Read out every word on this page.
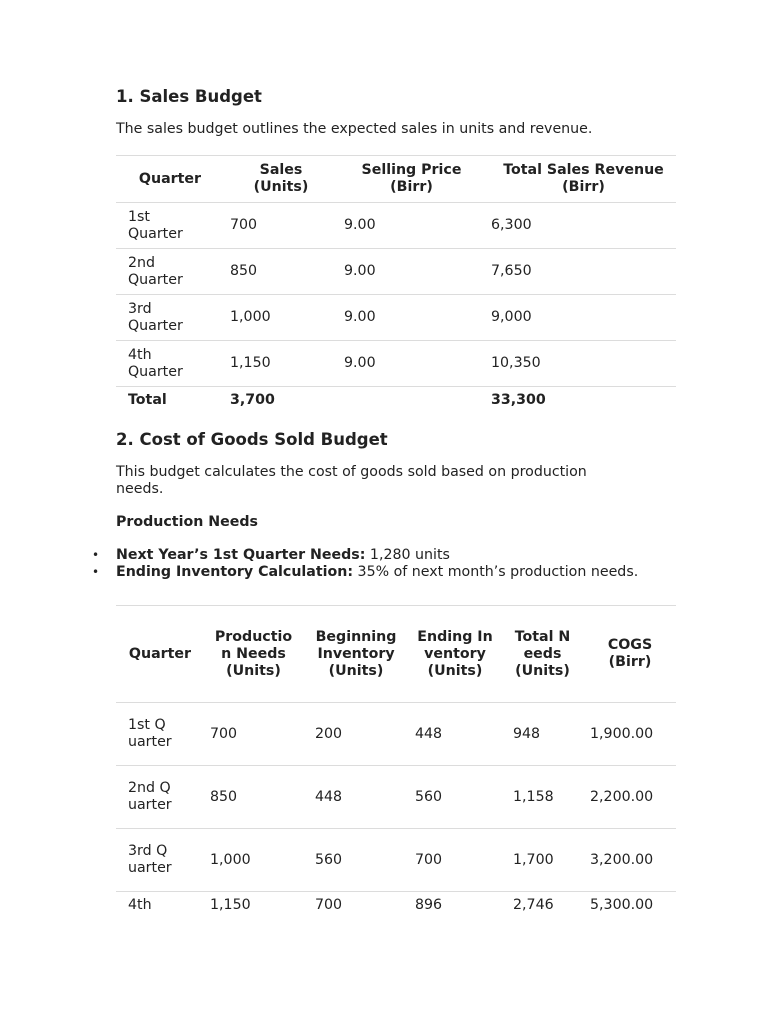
1. Sales Budget

The sales budget outlines the expected sales in units and revenue.

Quarter	Sales (Units)	Selling Price (Birr)	Total Sales Revenue (Birr)
1st Quarter	700	9.00	6,300
2nd Quarter	850	9.00	7,650
3rd Quarter	1,000	9.00	9,000
4th Quarter	1,150	9.00	10,350
Total	3,700		33,300
2. Cost of Goods Sold Budget

This budget calculates the cost of goods sold based on production needs.

Production Needs
• Next Year’s 1st Quarter Needs: 1,280 units
• Ending Inventory Calculation: 35% of next month’s production needs.
Quarter	Production Needs (Units)	Beginning Inventory (Units)	Ending Inventory (Units)	Total Needs (Units)	COGS (Birr)
1st Quarter	700	200	448	948	1,900.00
2nd Quarter	850	448	560	1,158	2,200.00
3rd Quarter	1,000	560	700	1,700	3,200.00
4th	1,150	700	896	2,746	5,300.00
